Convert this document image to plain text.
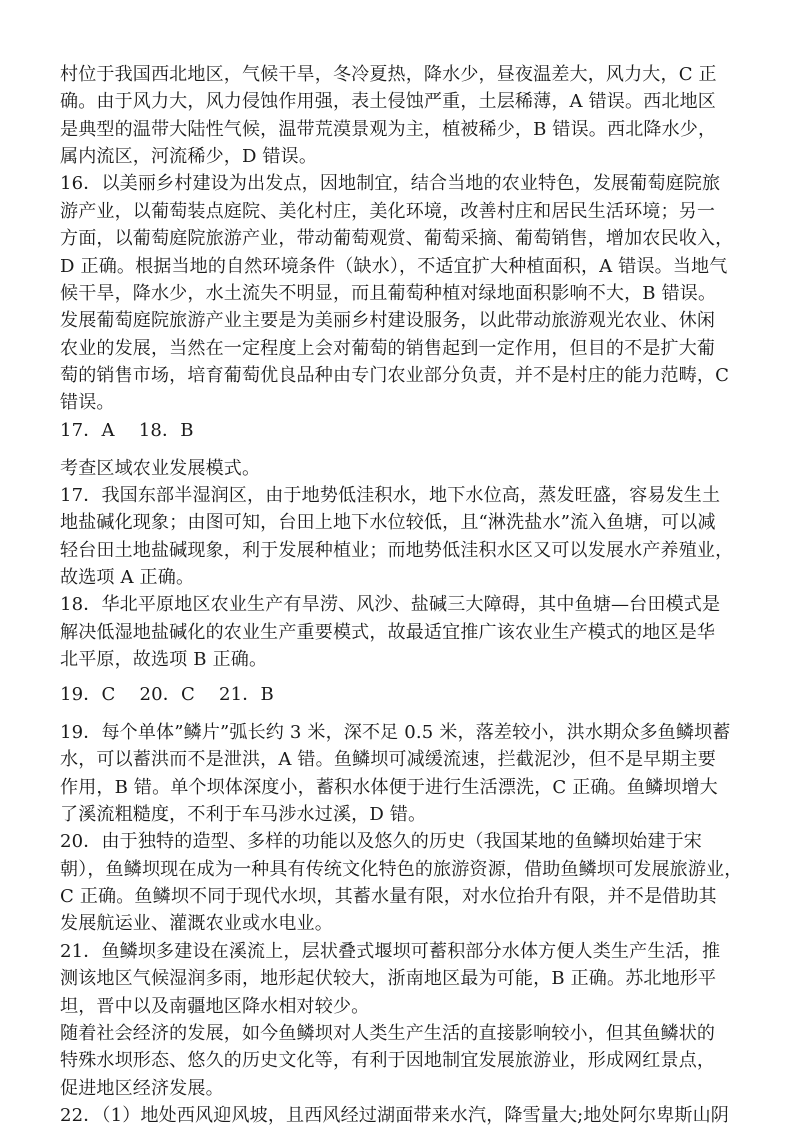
村位于我国西北地区，气候干旱，冬冷夏热，降水少，昼夜温差大，风力大，C 正
确。由于风力大，风力侵蚀作用强，表土侵蚀严重，土层稀薄，A 错误。西北地区
是典型的温带大陆性气候，温带荒漠景观为主，植被稀少，B 错误。西北降水少，
属内流区，河流稀少，D 错误。
16．以美丽乡村建设为出发点，因地制宜，结合当地的农业特色，发展葡萄庭院旅
游产业，以葡萄装点庭院、美化村庄，美化环境，改善村庄和居民生活环境；另一
方面，以葡萄庭院旅游产业，带动葡萄观赏、葡萄采摘、葡萄销售，增加农民收入，
D 正确。根据当地的自然环境条件（缺水），不适宜扩大种植面积，A 错误。当地气
候干旱，降水少，水土流失不明显，而且葡萄种植对绿地面积影响不大，B 错误。
发展葡萄庭院旅游产业主要是为美丽乡村建设服务，以此带动旅游观光农业、休闲
农业的发展，当然在一定程度上会对葡萄的销售起到一定作用，但目的不是扩大葡
萄的销售市场，培育葡萄优良品种由专门农业部分负责，并不是村庄的能力范畴，C
错误。
17．A　 18．B
考查区域农业发展模式。
17．我国东部半湿润区，由于地势低洼积水，地下水位高，蒸发旺盛，容易发生土
地盐碱化现象；由图可知，台田上地下水位较低，且“淋洗盐水”流入鱼塘，可以减
轻台田土地盐碱现象，利于发展种植业；而地势低洼积水区又可以发展水产养殖业，
故选项 A 正确。
18．华北平原地区农业生产有旱涝、风沙、盐碱三大障碍，其中鱼塘—台田模式是
解决低湿地盐碱化的农业生产重要模式，故最适宜推广该农业生产模式的地区是华
北平原，故选项 B 正确。
19．C　 20．C　 21．B
19．每个单体”鳞片”弧长约 3 米，深不足 0.5 米，落差较小，洪水期众多鱼鳞坝蓄
水，可以蓄洪而不是泄洪，A 错。鱼鳞坝可减缓流速，拦截泥沙，但不是早期主要
作用，B 错。单个坝体深度小，蓄积水体便于进行生活漂洗，C 正确。鱼鳞坝增大
了溪流粗糙度，不利于车马涉水过溪，D 错。
20．由于独特的造型、多样的功能以及悠久的历史（我国某地的鱼鳞坝始建于宋
朝），鱼鳞坝现在成为一种具有传统文化特色的旅游资源，借助鱼鳞坝可发展旅游业，
C 正确。鱼鳞坝不同于现代水坝，其蓄水量有限，对水位抬升有限，并不是借助其
发展航运业、灌溉农业或水电业。
21．鱼鳞坝多建设在溪流上，层状叠式堰坝可蓄积部分水体方便人类生产生活，推
测该地区气候湿润多雨，地形起伏较大，浙南地区最为可能，B 正确。苏北地形平
坦，晋中以及南疆地区降水相对较少。
随着社会经济的发展，如今鱼鳞坝对人类生产生活的直接影响较小，但其鱼鳞状的
特殊水坝形态、悠久的历史文化等，有利于因地制宜发展旅游业，形成网红景点，
促进地区经济发展。
22．（1）地处西风迎风坡，且西风经过湖面带来水汽，降雪量大;地处阿尔卑斯山阴
